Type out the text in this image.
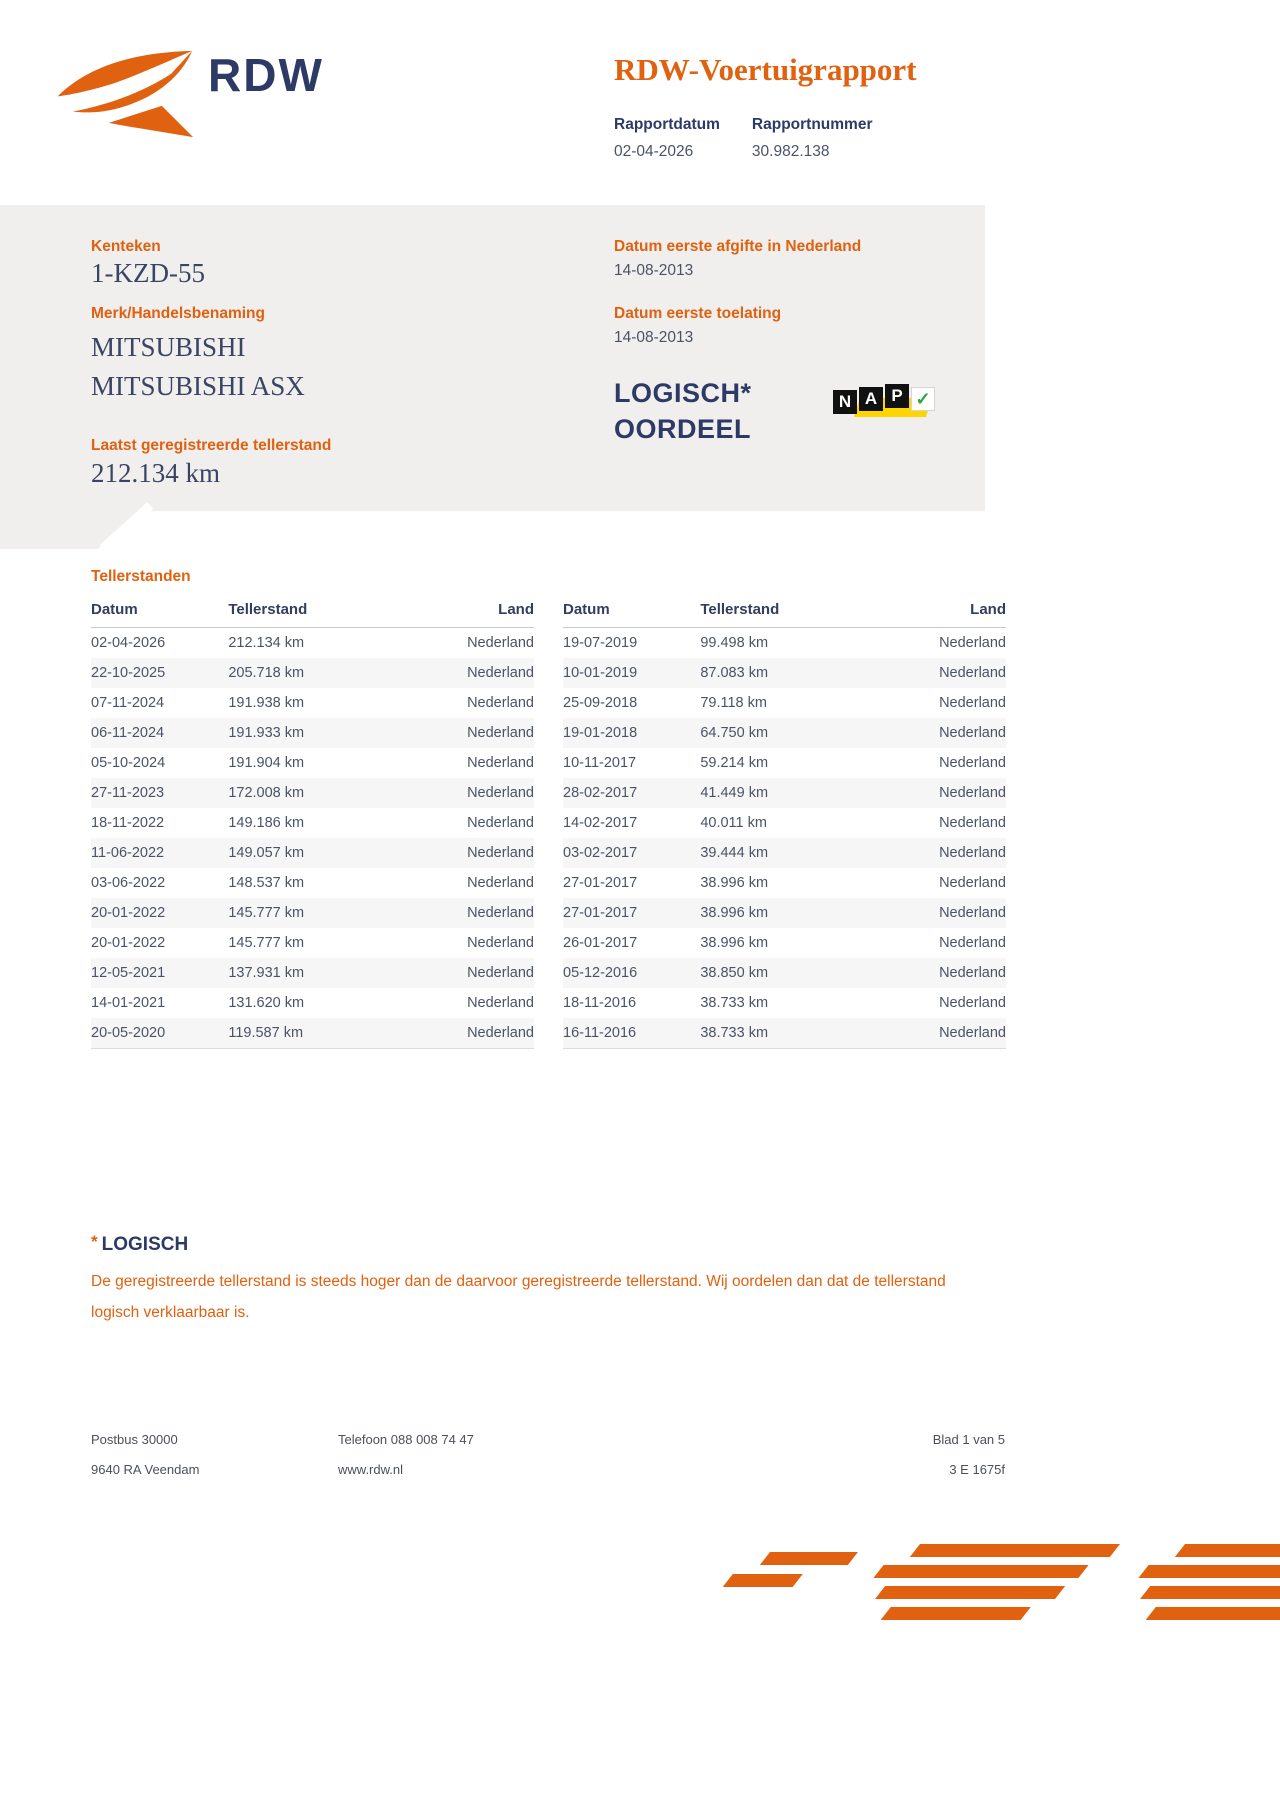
RDW	RDW-Voertuigrapport
Rapportdatum
02-04-2026
Rapportnummer
30.982.138
Kenteken
1-KZD-55
Merk/Handelsbenaming
MITSUBISHI
MITSUBISHI ASX
Laatst geregistreerde tellerstand
212.134 km
Datum eerste afgifte in Nederland
14-08-2013
Datum eerste toelating
14-08-2013
LOGISCH*
OORDEEL
N A P ✓
Tellerstanden
Datum	Tellerstand	Land
02-04-2026	212.134 km	Nederland
22-10-2025	205.718 km	Nederland
07-11-2024	191.938 km	Nederland
06-11-2024	191.933 km	Nederland
05-10-2024	191.904 km	Nederland
27-11-2023	172.008 km	Nederland
18-11-2022	149.186 km	Nederland
11-06-2022	149.057 km	Nederland
03-06-2022	148.537 km	Nederland
20-01-2022	145.777 km	Nederland
20-01-2022	145.777 km	Nederland
12-05-2021	137.931 km	Nederland
14-01-2021	131.620 km	Nederland
20-05-2020	119.587 km	Nederland
Datum	Tellerstand	Land
19-07-2019	99.498 km	Nederland
10-01-2019	87.083 km	Nederland
25-09-2018	79.118 km	Nederland
19-01-2018	64.750 km	Nederland
10-11-2017	59.214 km	Nederland
28-02-2017	41.449 km	Nederland
14-02-2017	40.011 km	Nederland
03-02-2017	39.444 km	Nederland
27-01-2017	38.996 km	Nederland
27-01-2017	38.996 km	Nederland
26-01-2017	38.996 km	Nederland
05-12-2016	38.850 km	Nederland
18-11-2016	38.733 km	Nederland
16-11-2016	38.733 km	Nederland
* LOGISCH
De geregistreerde tellerstand is steeds hoger dan de daarvoor geregistreerde tellerstand. Wij oordelen dan dat de tellerstand logisch verklaarbaar is.
Postbus 30000
9640 RA Veendam
Telefoon 088 008 74 47
www.rdw.nl
Blad 1 van 5
3 E 1675f
